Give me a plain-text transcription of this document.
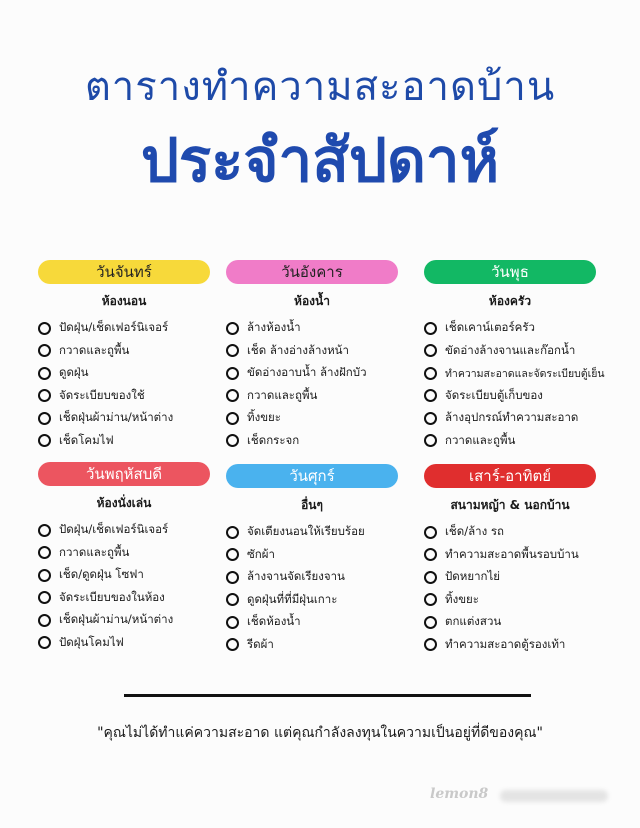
ตารางทำความสะอาดบ้าน
ประจำสัปดาห์
วันจันทร์
ห้องนอน
ปัดฝุ่น/เช็ดเฟอร์นิเจอร์
กวาดและถูพื้น
ดูดฝุ่น
จัดระเบียบของใช้
เช็ดฝุ่นผ้าม่าน/หน้าต่าง
เช็ดโคมไฟ
วันอังคาร
ห้องน้ำ
ล้างห้องน้ำ
เช็ด ล้างอ่างล้างหน้า
ขัดอ่างอาบน้ำ ล้างฝักบัว
กวาดและถูพื้น
ทิ้งขยะ
เช็ดกระจก
วันพุธ
ห้องครัว
เช็ดเคาน์เตอร์ครัว
ขัดอ่างล้างจานและก๊อกน้ำ
ทำความสะอาดและจัดระเบียบตู้เย็น
จัดระเบียบตู้เก็บของ
ล้างอุปกรณ์ทำความสะอาด
กวาดและถูพื้น
วันพฤหัสบดี
ห้องนั่งเล่น
ปัดฝุ่น/เช็ดเฟอร์นิเจอร์
กวาดและถูพื้น
เช็ด/ดูดฝุ่น โซฟา
จัดระเบียบของในห้อง
เช็ดฝุ่นผ้าม่าน/หน้าต่าง
ปัดฝุ่นโคมไฟ
วันศุกร์
อื่นๆ
จัดเตียงนอนให้เรียบร้อย
ซักผ้า
ล้างจานจัดเรียงจาน
ดูดฝุ่นที่ที่มีฝุ่นเกาะ
เช็ดห้องน้ำ
รีดผ้า
เสาร์-อาทิตย์
สนามหญ้า & นอกบ้าน
เช็ด/ล้าง รถ
ทำความสะอาดพื้นรอบบ้าน
ปัดหยากไย่
ทิ้งขยะ
ตกแต่งสวน
ทำความสะอาดตู้รองเท้า
"คุณไม่ได้ทำแค่ความสะอาด แต่คุณกำลังลงทุนในความเป็นอยู่ที่ดีของคุณ"
lemon8
